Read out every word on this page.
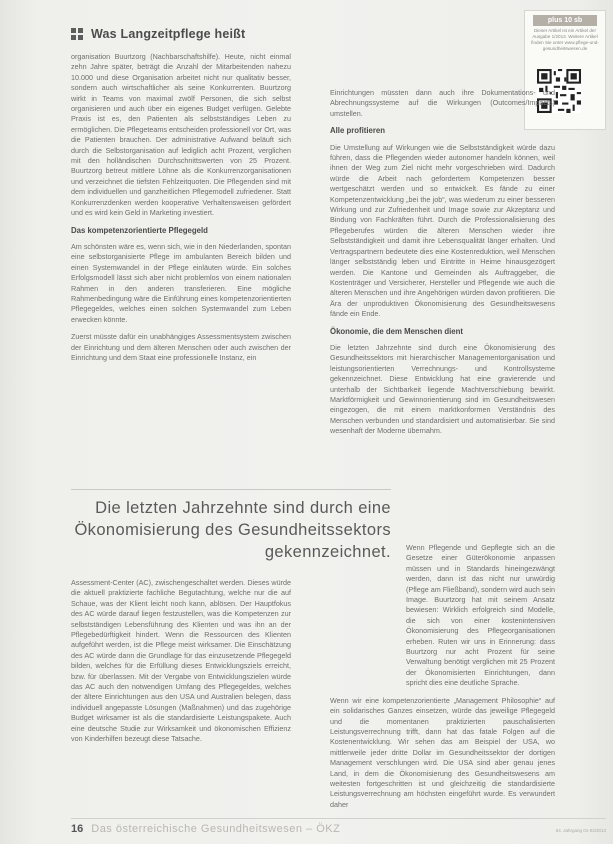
Was Langzeitpflege heißt
plus 10 sb
Dieser Artikel ist ein Artikel der Ausgabe 1/2013. Weitere Artikel finden Sie unter www.pflege-und-gesundheitswesen.de

organisation Buurtzorg (Nachbarschaftshilfe). Heute, nicht einmal zehn Jahre später, beträgt die Anzahl der Mitarbeitenden nahezu 10.000 und diese Organisation arbeitet nicht nur qualitativ besser, sondern auch wirtschaftlicher als seine Konkurrenten. Buurtzorg wirkt in Teams von maximal zwölf Personen, die sich selbst organisieren und auch über ein eigenes Budget verfügen. Gelebte Praxis ist es, den Patienten als selbstständiges Leben zu ermöglichen. Die Pflegeteams entscheiden professionell vor Ort, was die Patienten brauchen. Der administrative Aufwand beläuft sich durch die Selbstorganisation auf lediglich acht Prozent, verglichen mit den holländischen Durchschnittswerten von 25 Prozent. Buurtzorg betreut mittlere Löhne als die Konkurrenzorganisationen und verzeichnet die tiefsten Fehlzeitquoten. Die Pflegenden sind mit dem individuellen und ganzheitlichen Pflegemodell zufriedener. Statt Konkurrenzdenken werden kooperative Verhaltensweisen gefördert und es wird kein Geld in Marketing investiert.

Das kompetenzorientierte Pflegegeld

Am schönsten wäre es, wenn sich, wie in den Niederlanden, spontan eine selbstorganisierte Pflege im ambulanten Bereich bilden und einen Systemwandel in der Pflege einläuten würde. Ein solches Erfolgsmodell lässt sich aber nicht problemlos von einem nationalen Rahmen in den anderen transferieren. Eine mögliche Rahmenbedingung wäre die Einführung eines kompetenzorientierten Pflegegeldes, welches einen solchen Systemwandel zum Leben erwecken könnte.

Zuerst müsste dafür ein unabhängiges Assessmentsystem zwischen der Einrichtung und dem älteren Menschen oder auch zwischen der Einrichtung und dem Staat eine professionelle Instanz, ein

Einrichtungen müssten dann auch ihre Dokumentations- und Abrechnungssysteme auf die Wirkungen (Outcomes/Impacts) umstellen.

Alle profitieren

Die Umstellung auf Wirkungen wie die Selbstständigkeit würde dazu führen, dass die Pflegenden wieder autonomer handeln können, weil ihnen der Weg zum Ziel nicht mehr vorgeschrieben wird. Dadurch würde die Arbeit nach gefordertem Kompetenzen besser wertgeschätzt werden und so entwickelt. Es fände zu einer Kompetenzentwicklung „bei the job“, was wiederum zu einer besseren Wirkung und zur Zufriedenheit und Image sowie zur Akzeptanz und Bindung von Fachkräften führt. Durch die Professionalisierung des Pflegeberufes würden die älteren Menschen wieder ihre Selbstständigkeit und damit ihre Lebensqualität länger erhalten. Und Vertragspartnern bedeutete dies eine Kostenreduktion, weil Menschen länger selbstständig leben und Eintritte in Heime hinausgezögert werden. Die Kantone und Gemeinden als Auftraggeber, die Kostenträger und Versicherer, Hersteller und Pflegende wie auch die älteren Menschen und ihre Angehörigen würden davon profitieren. Die Ära der unproduktiven Ökonomisierung des Gesundheitswesens fände ein Ende.

Ökonomie, die dem Menschen dient

Die letzten Jahrzehnte sind durch eine Ökonomisierung des Gesundheitssektors mit hierarchischer Managementorganisation und leistungsorientierten Verrechnungs- und Kontrollsysteme gekennzeichnet. Diese Entwicklung hat eine gravierende und unterhalb der Sichtbarkeit liegende Machtverschiebung bewirkt. Marktförmigkeit und Gewinnorientierung sind im Gesundheitswesen eingezogen, die mit einem marktkonformen Verständnis des Menschen verbunden und standardisiert und automatisierbar. Sie sind wesenhaft der Moderne übernahm.

Die letzten Jahrzehnte sind durch eine Ökonomisierung des Gesundheitssektors gekennzeichnet.

Assessment-Center (AC), zwischengeschaltet werden. Dieses würde die aktuell praktizierte fachliche Begutachtung, welche nur die auf Schaue, was der Klient leicht noch kann, ablösen. Der Hauptfokus des AC würde darauf liegen festzustellen, was die Kompetenzen zur selbstständigen Lebensführung des Klienten und was ihn an der Pflegebedürftigkeit hindert. Wenn die Ressourcen des Klienten aufgeführt werden, ist die Pflege meist wirksamer. Die Einschätzung des AC würde dann die Grundlage für das einzusetzende Pflegegeld bilden, welches für die Erfüllung dieses Entwicklungsziels erreicht, bzw. für überlassen. Mit der Vergabe von Entwicklungszielen würde das AC auch den notwendigen Umfang des Pflegegeldes, welches der ältere Einrichtungen aus den USA und Australien belegen, dass individuell angepasste Lösungen (Maßnahmen) und das zugehörige Budget wirksamer ist als die standardisierte Leistungspakete. Auch eine deutsche Studie zur Wirksamkeit und ökonomischen Effizienz von Kinderhilfen bezeugt diese Tatsache.

Wenn Pflegende und Gepflegte sich an die Gesetze einer Güterökonomie anpassen müssen und in Standards hineingezwängt werden, dann ist das nicht nur unwürdig (Pflege am Fließband), sondern wird auch sein Image. Buurtzorg hat mit seinem Ansatz bewiesen: Wirklich erfolgreich sind Modelle, die sich von einer kostenintensiven Ökonomisierung des Pflegeorganisationen erheben. Ruten wir uns in Erinnerung: dass Buurtzorg nur acht Prozent für seine Verwaltung benötigt verglichen mit 25 Prozent der Ökonomisierten Einrichtungen, dann spricht dies eine deutliche Sprache.

Wenn wir eine kompetenzorientierte „Management Philosophie“ auf ein solidarisches Ganzes einsetzen, würde das jeweilige Pflegegeld und die momentanen praktizierten pauschalisierten Leistungsverrechnung trifft, dann hat das fatale Folgen auf die Kostenentwicklung. Wir sehen das am Beispiel der USA, wo mittlerweile jeder dritte Dollar im Gesundheitssektor der dortigen Management verschlungen wird. Die USA sind aber genau jenes Land, in dem die Ökonomisierung des Gesundheitswesens am weitesten fortgeschritten ist und gleichzeitig die standardisierte Leistungsverrechnung am höchsten eingeführt wurde. Es verwundert daher

16 Das österreichische Gesundheitswesen – ÖKZ	54. Jahrgang 01-02/2013
